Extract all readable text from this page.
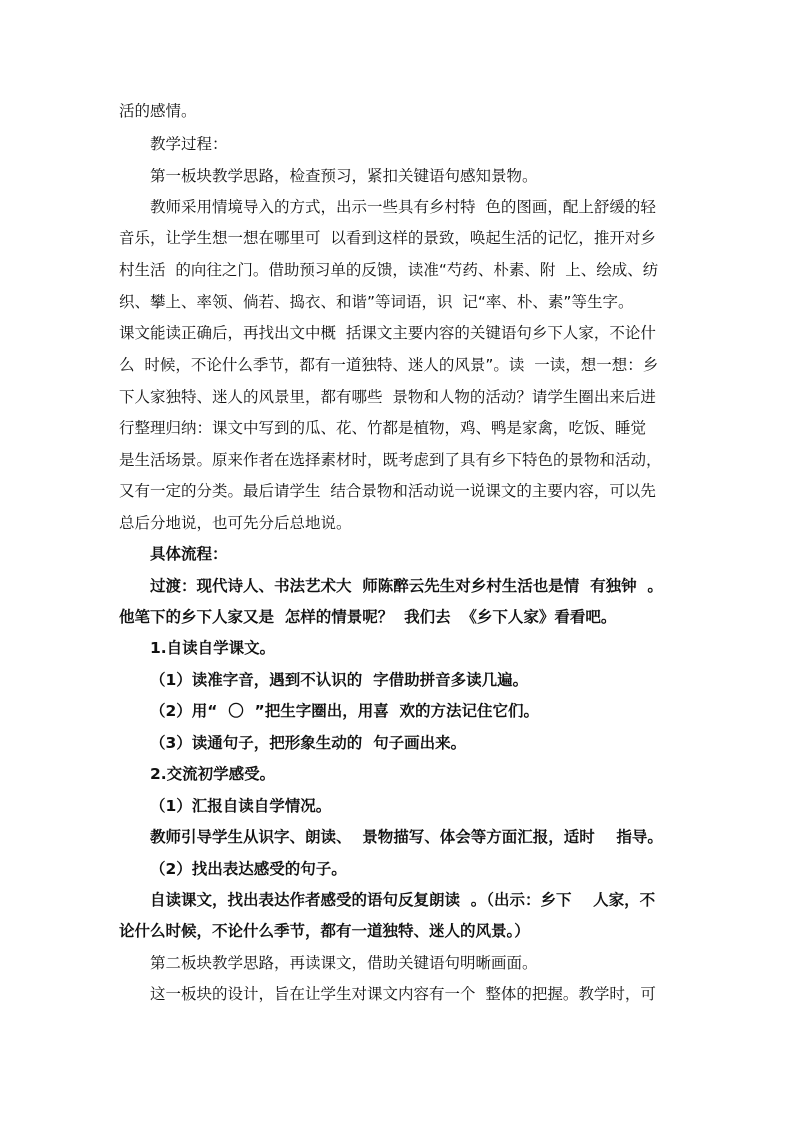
活的感情。
教学过程：
第一板块教学思路，检查预习，紧扣关键语句感知景物。
教师采用情境导入的方式，出示一些具有乡村特  色的图画，配上舒缓的轻
音乐，让学生想一想在哪里可  以看到这样的景致，唤起生活的记忆，推开对乡
村生活  的向往之门。借助预习单的反馈，读准“芍药、朴素、附  上、绘成、纺
织、攀上、率领、倘若、捣衣、和谐”等词语，识  记“率、朴、素”等生字。
课文能读正确后，再找出文中概  括课文主要内容的关键语句乡下人家，不论什
么  时候，不论什么季节，都有一道独特、迷人的风景”。读  一读，想一想：乡
下人家独特、迷人的风景里，都有哪些  景物和人物的活动？请学生圈出来后进
行整理归纳：课文中写到的瓜、花、竹都是植物，鸡、鸭是家禽，吃饭、睡觉
是生活场景。原来作者在选择素材时，既考虑到了具有乡下特色的景物和活动，
又有一定的分类。最后请学生  结合景物和活动说一说课文的主要内容，可以先
总后分地说，也可先分后总地说。
具体流程：
过渡：现代诗人、书法艺术大  师陈醉云先生对乡村生活也是情  有独钟  。
他笔下的乡下人家又是  怎样的情景呢？  我们去  《乡下人家》看看吧。
1.自读自学课文。
（1）读准字音，遇到不认识的  字借助拼音多读几遍。
（2）用“  〇  ”把生字圈出，用喜  欢的方法记住它们。
（3）读通句子，把形象生动的  句子画出来。
2.交流初学感受。
（1）汇报自读自学情况。
教师引导学生从识字、朗读、  景物描写、体会等方面汇报，适时    指导。
（2）找出表达感受的句子。
自读课文，找出表达作者感受的语句反复朗读  。（出示：乡下    人家，不
论什么时候，不论什么季节，都有一道独特、迷人的风景。）
第二板块教学思路，再读课文，借助关键语句明晰画面。
这一板块的设计，旨在让学生对课文内容有一个  整体的把握。教学时，可
